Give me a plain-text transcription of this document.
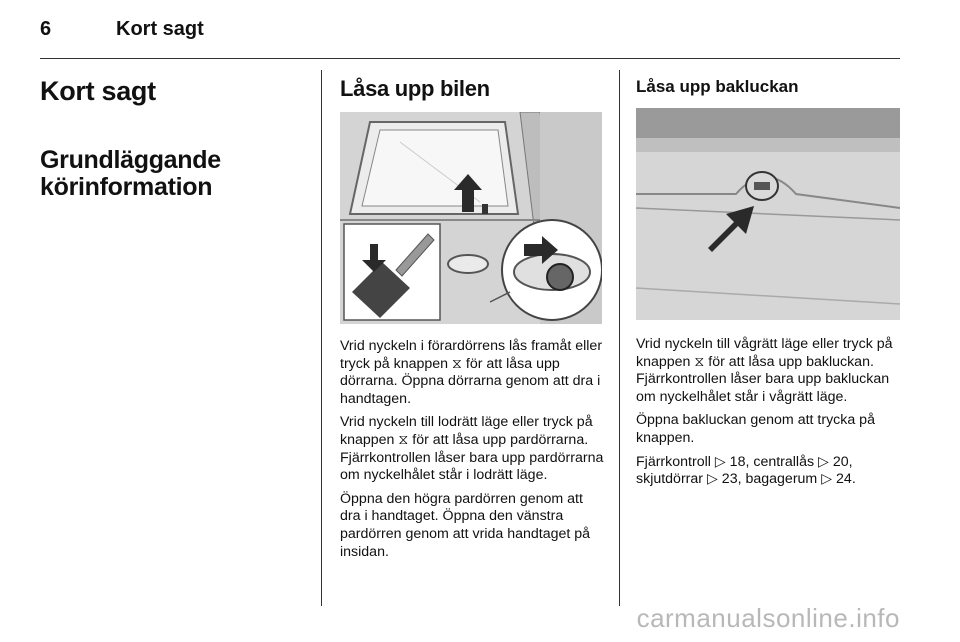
6	Kort sagt
Kort sagt
Grundläggande
körinformation
Låsa upp bilen

Vrid nyckeln i förardörrens lås framåt eller tryck på knappen ⧖ för att låsa upp dörrarna. Öppna dörrarna genom att dra i handtagen.

Vrid nyckeln till lodrätt läge eller tryck på knappen ⧖ för att låsa upp pardörrarna. Fjärrkontrollen låser bara upp pardörrarna om nyckelhålet står i lodrätt läge.

Öppna den högra pardörren genom att dra i handtaget. Öppna den vänstra pardörren genom att vrida handtaget på insidan.

Låsa upp bakluckan

Vrid nyckeln till vågrätt läge eller tryck på knappen ⧖ för att låsa upp bakluckan. Fjärrkontrollen låser bara upp bakluckan om nyckelhålet står i vågrätt läge.

Öppna bakluckan genom att trycka på knappen.

Fjärrkontroll ▷ 18, centrallås ▷ 20, skjutdörrar ▷ 23, bagagerum ▷ 24.

carmanualsonline.info
